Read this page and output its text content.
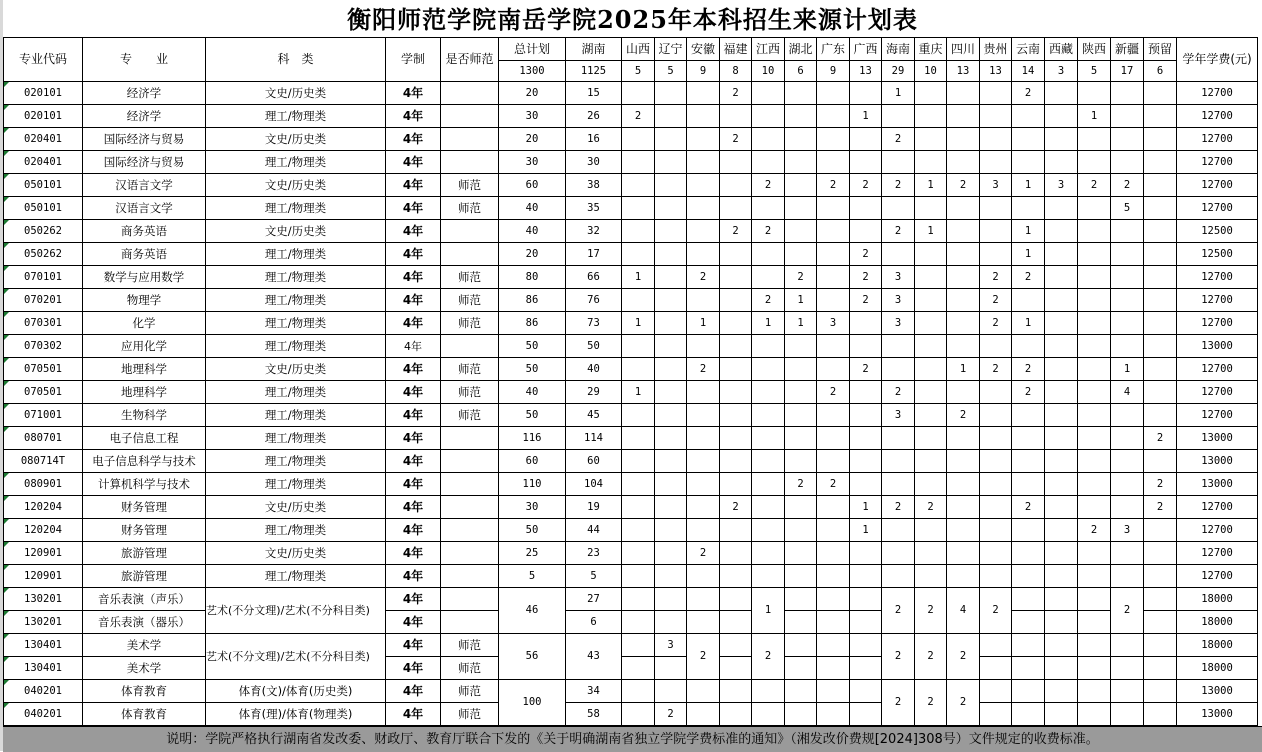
衡阳师范学院南岳学院2025年本科招生来源计划表
专业代码	专　　业	科　类	学制	是否师范	总计划	湖南	山西	辽宁	安徽	福建	江西	湖北	广东	广西	海南	重庆	四川	贵州	云南	西藏	陕西	新疆	预留	学年学费(元)
					1300	1125	5	5	9	8	10	6	9	13	29	10	13	13	14	3	5	17	6	

020101	经济学	文史/历史类	4年		20	15				2					1				2					12700

020101	经济学	理工/物理类	4年		30	26	2							1							1			12700

020401	国际经济与贸易	文史/历史类	4年		20	16				2					2									12700

020401	国际经济与贸易	理工/物理类	4年		30	30																		12700

050101	汉语言文学	文史/历史类	4年	师范	60	38					2		2	2	2	1	2	3	1	3	2	2		12700

050101	汉语言文学	理工/物理类	4年	师范	40	35																5		12700

050262	商务英语	文史/历史类	4年		40	32				2	2				2	1			1					12500

050262	商务英语	理工/物理类	4年		20	17								2					1					12500

070101	数学与应用数学	理工/物理类	4年	师范	80	66	1		2			2		2	3			2	2					12700

070201	物理学	理工/物理类	4年	师范	86	76					2	1		2	3			2						12700

070301	化学	理工/物理类	4年	师范	86	73	1		1		1	1	3		3			2	1					12700

070302	应用化学	理工/物理类	4年		50	50																		13000

070501	地理科学	文史/历史类	4年	师范	50	40			2					2			1	2	2			1		12700

070501	地理科学	理工/物理类	4年	师范	40	29	1						2		2				2			4		12700

071001	生物科学	理工/物理类	4年	师范	50	45									3		2							12700

080701	电子信息工程	理工/物理类	4年		116	114																	2	13000
080714T	电子信息科学与技术	理工/物理类	4年		60	60																		13000

080901	计算机科学与技术	理工/物理类	4年		110	104						2	2										2	13000

120204	财务管理	文史/历史类	4年		30	19				2				1	2	2			2				2	12700

120204	财务管理	理工/物理类	4年		50	44								1							2	3		12700

120901	旅游管理	文史/历史类	4年		25	23			2															12700

120901	旅游管理	理工/物理类	4年		5	5																		12700

130201	音乐表演（声乐）	艺术(不分文理)/艺术(不分科目类)	4年		46	27					1				2	2	4	2				2		18000

130201	音乐表演（器乐）		4年			6																		18000

130401	美术学	艺术(不分文理)/艺术(不分科目类)	4年	师范	56	43		3	2		2				2	2	2							18000

130401	美术学		4年	师范																				18000

040201	体育教育	体育(文)/体育(历史类)	4年	师范	100	34									2	2	2							13000

040201	体育教育	体育(理)/体育(物理类)	4年	师范		58		2																13000
说明：学院严格执行湖南省发改委、财政厅、教育厅联合下发的《关于明确湖南省独立学院学费标准的通知》（湘发改价费规[2024]308号）文件规定的收费标准。
